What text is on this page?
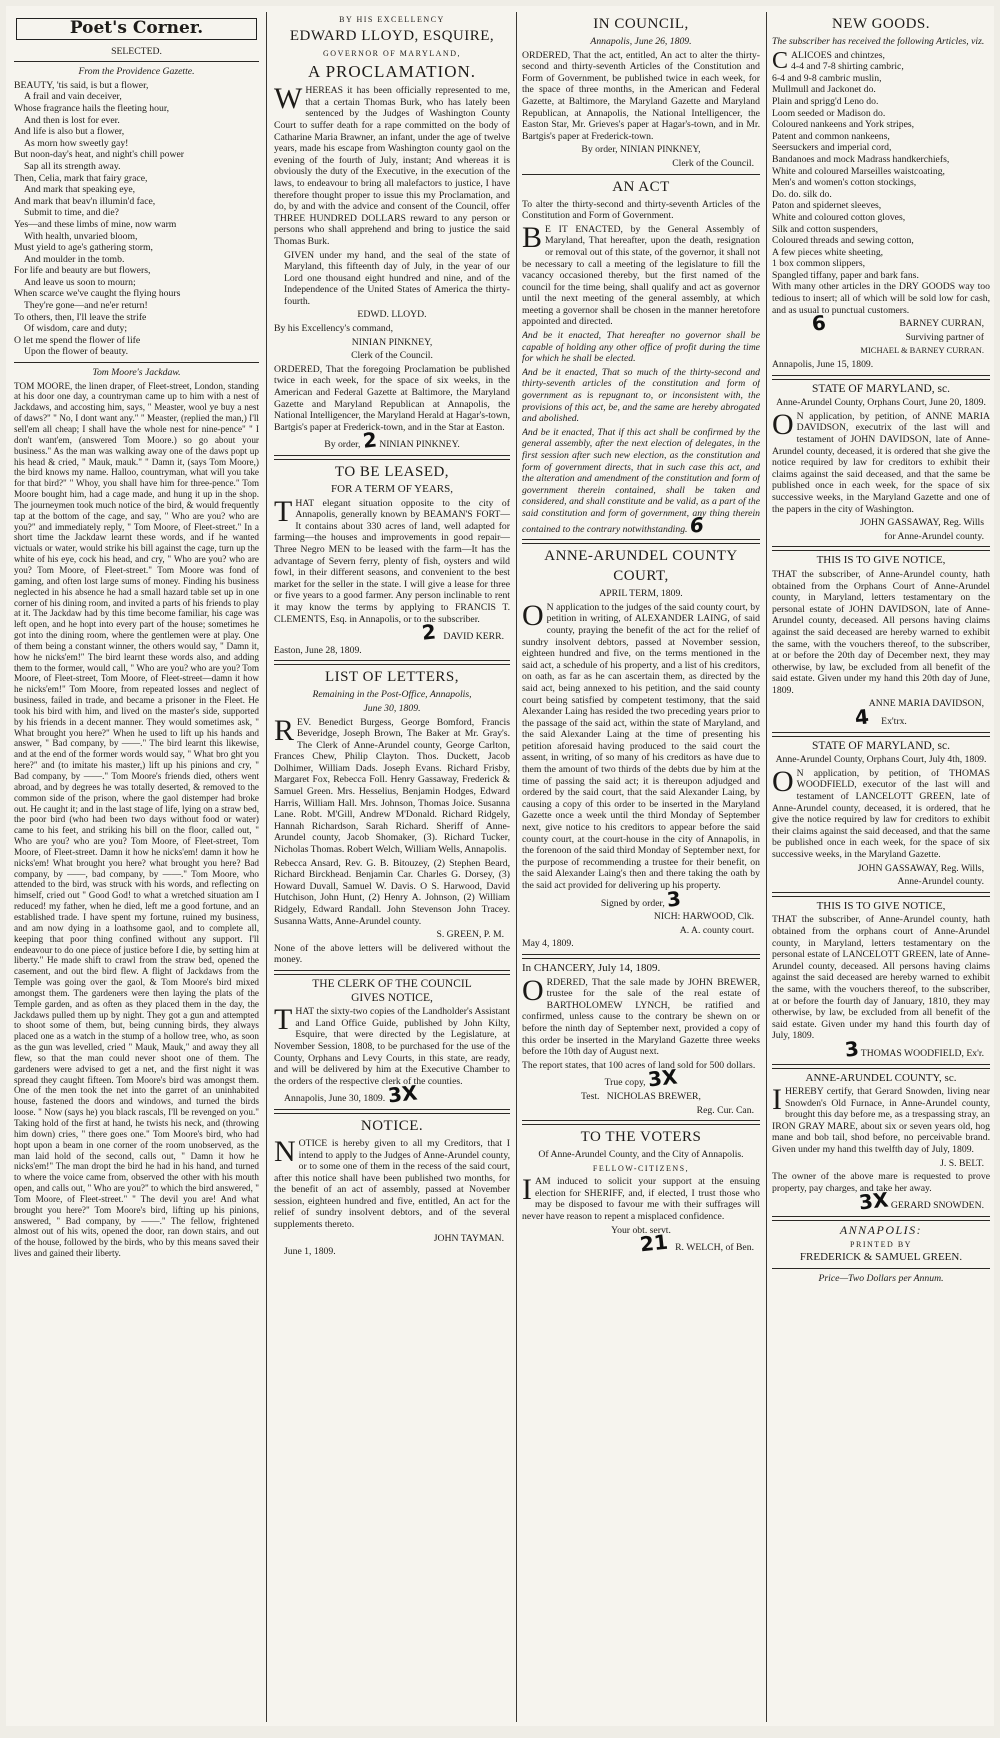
Poet's Corner.

SELECTED.

From the Providence Gazette.

BEAUTY, 'tis said, is but a flower,

A frail and vain deceiver,

Whose fragrance hails the fleeting hour,

And then is lost for ever.

And life is also but a flower,

As morn how sweetly gay!

But noon-day's heat, and night's chill power

Sap all its strength away.

Then, Celia, mark that fairy grace,

And mark that speaking eye,

And mark that beav'n illumin'd face,

Submit to time, and die?

Yes—and these limbs of mine, now warm

With health, unvaried bloom,

Must yield to age's gathering storm,

And moulder in the tomb.

For life and beauty are but flowers,

And leave us soon to mourn;

When scarce we've caught the flying hours

They're gone—and ne'er return!

To others, then, I'll leave the strife

Of wisdom, care and duty;

O let me spend the flower of life

Upon the flower of beauty.

Tom Moore's Jackdaw.

TOM MOORE, the linen draper, of Fleet-street, London, standing at his door one day, a countryman came up to him with a nest of Jackdaws, and accosting him, says, " Measter, wool ye buy a nest of daws?" " No, I dont want any." " Measter, (replied the man,) I'll sell'em all cheap; I shall have the whole nest for nine-pence" " I don't want'em, (answered Tom Moore.) so go about your business." As the man was walking away one of the daws popt up his head & cried, " Mauk, mauk." " Damn it, (says Tom Moore,) the bird knows my name. Halloo, countryman, what will you take for that bird?" " Whoy, you shall have him for three-pence." Tom Moore bought him, had a cage made, and hung it up in the shop. The journeymen took much notice of the bird, & would frequently tap at the bottom of the cage, and say, " Who are you? who are you?" and immediately reply, " Tom Moore, of Fleet-street." In a short time the Jackdaw learnt these words, and if he wanted victuals or water, would strike his bill against the cage, turn up the white of his eye, cock his head, and cry, " Who are you? who are you? Tom Moore, of Fleet-street." Tom Moore was fond of gaming, and often lost large sums of money. Finding his business neglected in his absence he had a small hazard table set up in one corner of his dining room, and invited a parts of his friends to play at it. The Jackdaw had by this time become familiar, his cage was left open, and he hopt into every part of the house; sometimes he got into the dining room, where the gentlemen were at play. One of them being a constant winner, the others would say, " Damn it, how he nicks'em!" The bird learnt these words also, and adding them to the former, would call, " Who are you? who are you? Tom Moore, of Fleet-street, Tom Moore, of Fleet-street—damn it how he nicks'em!" Tom Moore, from repeated losses and neglect of business, failed in trade, and became a prisoner in the Fleet. He took his bird with him, and lived on the master's side, supported by his friends in a decent manner. They would sometimes ask, " What brought you here?" When he used to lift up his hands and answer, " Bad company, by ——." The bird learnt this likewise, and at the end of the former words would say, " What bro ght you here?" and (to imitate his master,) lift up his pinions and cry, " Bad company, by ——." Tom Moore's friends died, others went abroad, and by degrees he was totally deserted, & removed to the common side of the prison, where the gaol distemper had broke out. He caught it; and in the last stage of life, lying on a straw bed, the poor bird (who had been two days without food or water) came to his feet, and striking his bill on the floor, called out, " Who are you? who are you? Tom Moore, of Fleet-street, Tom Moore, of Fleet-street. Damn it how he nicks'em! damn it how he nicks'em! What brought you here? what brought you here? Bad company, by ——, bad company, by ——." Tom Moore, who attended to the bird, was struck with his words, and reflecting on himself, cried out " Good God! to what a wretched situation am I reduced! my father, when he died, left me a good fortune, and an established trade. I have spent my fortune, ruined my business, and am now dying in a loathsome gaol, and to complete all, keeping that poor thing confined without any support. I'll endeavour to do one piece of justice before I die, by setting him at liberty." He made shift to crawl from the straw bed, opened the casement, and out the bird flew. A flight of Jackdaws from the Temple was going over the gaol, & Tom Moore's bird mixed amongst them. The gardeners were then laying the plats of the Temple garden, and as often as they placed them in the day, the Jackdaws pulled them up by night. They got a gun and attempted to shoot some of them, but, being cunning birds, they always placed one as a watch in the stump of a hollow tree, who, as soon as the gun was levelled, cried " Mauk, Mauk," and away they all flew, so that the man could never shoot one of them. The gardeners were advised to get a net, and the first night it was spread they caught fifteen. Tom Moore's bird was amongst them. One of the men took the net into the garret of an uninhabited house, fastened the doors and windows, and turned the birds loose. " Now (says he) you black rascals, I'll be revenged on you." Taking hold of the first at hand, he twists his neck, and (throwing him down) cries, " there goes one." Tom Moore's bird, who had hopt upon a beam in one corner of the room unobserved, as the man laid hold of the second, calls out, " Damn it how he nicks'em!" The man dropt the bird he had in his hand, and turned to where the voice came from, observed the other with his mouth open, and calls out, " Who are you?" to which the bird answered, " Tom Moore, of Fleet-street." " The devil you are! And what brought you here?" Tom Moore's bird, lifting up his pinions, answered, " Bad company, by ——." The fellow, frightened almost out of his wits, opened the door, ran down stairs, and out of the house, followed by the birds, who by this means saved their lives and gained their liberty.

BY HIS EXCELLENCY

EDWARD LLOYD, ESQUIRE,

GOVERNOR OF MARYLAND,

A PROCLAMATION.

WHEREAS it has been officially represented to me, that a certain Thomas Burk, who has lately been sentenced by the Judges of Washington County Court to suffer death for a rape committed on the body of Catharine Maria Brawner, an infant, under the age of twelve years, made his escape from Washington county gaol on the evening of the fourth of July, instant; And whereas it is obviously the duty of the Executive, in the execution of the laws, to endeavour to bring all malefactors to justice, I have therefore thought proper to issue this my Proclamation, and do, by and with the advice and consent of the Council, offer THREE HUNDRED DOLLARS reward to any person or persons who shall apprehend and bring to justice the said Thomas Burk.

GIVEN under my hand, and the seal of the state of Maryland, this fifteenth day of July, in the year of our Lord one thousand eight hundred and nine, and of the Independence of the United States of America the thirty-fourth.

EDWD. LLOYD.

By his Excellency's command,

NINIAN PINKNEY,

Clerk of the Council.

ORDERED, That the foregoing Proclamation be published twice in each week, for the space of six weeks, in the American and Federal Gazette at Baltimore, the Maryland Gazette and Maryland Republican at Annapolis, the National Intelligencer, the Maryland Herald at Hagar's-town, Bartgis's paper at Frederick-town, and in the Star at Easton.

By order, 2 NINIAN PINKNEY.

TO BE LEASED,

FOR A TERM OF YEARS,

THAT elegant situation opposite to the city of Annapolis, generally known by BEAMAN'S FORT—It contains about 330 acres of land, well adapted for farming—the houses and improvements in good repair—Three Negro MEN to be leased with the farm—It has the advantage of Severn ferry, plenty of fish, oysters and wild fowl, in their different seasons, and convenient to the best market for the seller in the state. I will give a lease for three or five years to a good farmer. Any person inclinable to rent it may know the terms by applying to FRANCIS T. CLEMENTS, Esq. in Annapolis, or to the subscriber.

2 DAVID KERR.

Easton, June 28, 1809.

LIST OF LETTERS,

Remaining in the Post-Office, Annapolis,

June 30, 1809.

REV. Benedict Burgess, George Bomford, Francis Beveridge, Joseph Brown, The Baker at Mr. Gray's. The Clerk of Anne-Arundel county, George Carlton, Frances Chew, Philip Clayton. Thos. Duckett, Jacob Dolhimer, William Dads. Joseph Evans. Richard Frisby, Margaret Fox, Rebecca Foll. Henry Gassaway, Frederick & Samuel Green. Mrs. Hesselius, Benjamin Hodges, Edward Harris, William Hall. Mrs. Johnson, Thomas Joice. Susanna Lane. Robt. M'Gill, Andrew M'Donald. Richard Ridgely, Hannah Richardson, Sarah Richard. Sheriff of Anne-Arundel county, Jacob Shomaker, (3). Richard Tucker, Nicholas Thomas. Robert Welch, William Wells, Annapolis.

Rebecca Ansard, Rev. G. B. Bitouzey, (2) Stephen Beard, Richard Birckhead. Benjamin Car. Charles G. Dorsey, (3) Howard Duvall, Samuel W. Davis. O S. Harwood, David Hutchison, John Hunt, (2) Henry A. Johnson, (2) William Ridgely, Edward Randall. John Stevenson John Tracey. Susanna Watts, Anne-Arundel county.

S. GREEN, P. M.

None of the above letters will be delivered without the money.

THE CLERK OF THE COUNCIL

GIVES NOTICE,

THAT the sixty-two copies of the Landholder's Assistant and Land Office Guide, published by John Kilty, Esquire, that were directed by the Legislature, at November Session, 1808, to be purchased for the use of the County, Orphans and Levy Courts, in this state, are ready, and will be delivered by him at the Executive Chamber to the orders of the respective clerk of the counties.

Annapolis, June 30, 1809. 3X

NOTICE.

NOTICE is hereby given to all my Creditors, that I intend to apply to the Judges of Anne-Arundel county, or to some one of them in the recess of the said court, after this notice shall have been published two months, for the benefit of an act of assembly, passed at November session, eighteen hundred and five, entitled, An act for the relief of sundry insolvent debtors, and of the several supplements thereto.

JOHN TAYMAN.

June 1, 1809.

IN COUNCIL,

Annapolis, June 26, 1809.

ORDERED, That the act, entitled, An act to alter the thirty-second and thirty-seventh Articles of the Constitution and Form of Government, be published twice in each week, for the space of three months, in the American and Federal Gazette, at Baltimore, the Maryland Gazette and Maryland Republican, at Annapolis, the National Intelligencer, the Easton Star, Mr. Grieves's paper at Hagar's-town, and in Mr. Bartgis's paper at Frederick-town.

By order, NINIAN PINKNEY,

Clerk of the Council.

AN ACT

To alter the thirty-second and thirty-seventh Articles of the Constitution and Form of Government.

B E IT ENACTED, by the General Assembly of Maryland, That hereafter, upon the death, resignation or removal out of this state, of the governor, it shall not be necessary to call a meeting of the legislature to fill the vacancy occasioned thereby, but the first named of the council for the time being, shall qualify and act as governor until the next meeting of the general assembly, at which meeting a governor shall be chosen in the manner heretofore appointed and directed.

And be it enacted, That hereafter no governor shall be capable of holding any other office of profit during the time for which he shall be elected.

And be it enacted, That so much of the thirty-second and thirty-seventh articles of the constitution and form of government as is repugnant to, or inconsistent with, the provisions of this act, be, and the same are hereby abrogated and abolished.

And be it enacted, That if this act shall be confirmed by the general assembly, after the next election of delegates, in the first session after such new election, as the constitution and form of government directs, that in such case this act, and the alteration and amendment of the constitution and form of government therein contained, shall be taken and considered, and shall constitute and be valid, as a part of the said constitution and form of government, any thing therein contained to the contrary notwithstanding. 6

ANNE-ARUNDEL COUNTY

COURT,

APRIL TERM, 1809.

O N application to the judges of the said county court, by petition in writing, of ALEXANDER LAING, of said county, praying the benefit of the act for the relief of sundry insolvent debtors, passed at November session, eighteen hundred and five, on the terms mentioned in the said act, a schedule of his property, and a list of his creditors, on oath, as far as he can ascertain them, as directed by the said act, being annexed to his petition, and the said county court being satisfied by competent testimony, that the said Alexander Laing has resided the two preceding years prior to the passage of the said act, within the state of Maryland, and the said Alexander Laing at the time of presenting his petition aforesaid having produced to the said court the assent, in writing, of so many of his creditors as have due to them the amount of two thirds of the debts due by him at the time of passing the said act; it is thereupon adjudged and ordered by the said court, that the said Alexander Laing, by causing a copy of this order to be inserted in the Maryland Gazette once a week until the third Monday of September next, give notice to his creditors to appear before the said county court, at the court-house in the city of Annapolis, in the forenoon of the said third Monday of September next, for the purpose of recommending a trustee for their benefit, on the said Alexander Laing's then and there taking the oath by the said act provided for delivering up his property.

Signed by order, 3

NICH: HARWOOD, Clk.

A. A. county court.

May 4, 1809.

In CHANCERY, July 14, 1809.

ORDERED, That the sale made by JOHN BREWER, trustee for the sale of the real estate of BARTHOLOMEW LYNCH, be ratified and confirmed, unless cause to the contrary be shewn on or before the ninth day of September next, provided a copy of this order be inserted in the Maryland Gazette three weeks before the 10th day of August next.

The report states, that 100 acres of land sold for 500 dollars.

True copy, 3X

Test. NICHOLAS BREWER,

Reg. Cur. Can.

TO THE VOTERS

Of Anne-Arundel County, and the City of Annapolis.

FELLOW-CITIZENS,

IAM induced to solicit your support at the ensuing election for SHERIFF, and, if elected, I trust those who may be disposed to favour me with their suffrages will never have reason to repent a misplaced confidence.

Your obt. servt.

21 R. WELCH, of Ben.

NEW GOODS.

The subscriber has received the following Articles, viz.

CALICOES and chintzes,

4-4 and 7-8 shirting cambric,

6-4 and 9-8 cambric muslin,

Mullmull and Jackonet do.

Plain and sprigg'd Leno do.

Loom seeded or Madison do.

Coloured nankeens and York stripes,

Patent and common nankeens,

Seersuckers and imperial cord,

Bandanoes and mock Madrass handkerchiefs,

White and coloured Marseilles waistcoating,

Men's and women's cotton stockings,

Do. do. silk do.

Paton and spidernet sleeves,

White and coloured cotton gloves,

Silk and cotton suspenders,

Coloured threads and sewing cotton,

A few pieces white sheeting,

1 box common slippers,

Spangled tiffany, paper and bark fans.

With many other articles in the DRY GOODS way too tedious to insert; all of which will be sold low for cash, and as usual to punctual customers.

6	BARNEY CURRAN,

Surviving partner of

MICHAEL & BARNEY CURRAN.

Annapolis, June 15, 1809.

STATE OF MARYLAND, sc.

Anne-Arundel County, Orphans Court, June 20, 1809.

O N application, by petition, of ANNE MARIA DAVIDSON, executrix of the last will and testament of JOHN DAVIDSON, late of Anne-Arundel county, deceased, it is ordered that she give the notice required by law for creditors to exhibit their claims against the said deceased, and that the same be published once in each week, for the space of six successive weeks, in the Maryland Gazette and one of the papers in the city of Washington.

JOHN GASSAWAY, Reg. Wills

for Anne-Arundel county.

THIS IS TO GIVE NOTICE,

THAT the subscriber, of Anne-Arundel county, hath obtained from the Orphans Court of Anne-Arundel county, in Maryland, letters testamentary on the personal estate of JOHN DAVIDSON, late of Anne-Arundel county, deceased. All persons having claims against the said deceased are hereby warned to exhibit the same, with the vouchers thereof, to the subscriber, at or before the 20th day of December next, they may otherwise, by law, be excluded from all benefit of the said estate. Given under my hand this 20th day of June, 1809.

ANNE MARIA DAVIDSON,

4 Ex'trx.

STATE OF MARYLAND, sc.

Anne-Arundel County, Orphans Court, July 4th, 1809.

O N application, by petition, of THOMAS WOODFIELD, executor of the last will and testament of LANCELOTT GREEN, late of Anne-Arundel county, deceased, it is ordered, that he give the notice required by law for creditors to exhibit their claims against the said deceased, and that the same be published once in each week, for the space of six successive weeks, in the Maryland Gazette.

JOHN GASSAWAY, Reg. Wills,

Anne-Arundel county.

THIS IS TO GIVE NOTICE,

THAT the subscriber, of Anne-Arundel county, hath obtained from the orphans court of Anne-Arundel county, in Maryland, letters testamentary on the personal estate of LANCELOTT GREEN, late of Anne-Arundel county, deceased. All persons having claims against the said deceased are hereby warned to exhibit the same, with the vouchers thereof, to the subscriber, at or before the fourth day of January, 1810, they may otherwise, by law, be excluded from all benefit of the said estate. Given under my hand this fourth day of July, 1809.

3 THOMAS WOODFIELD, Ex'r.

ANNE-ARUNDEL COUNTY, sc.

IHEREBY certify, that Gerard Snowden, living near Snowden's Old Furnace, in Anne-Arundel county, brought this day before me, as a trespassing stray, an IRON GRAY MARE, about six or seven years old, hog mane and bob tail, shod before, no perceivable brand. Given under my hand this twelfth day of July, 1809.

J. S. BELT.

The owner of the above mare is requested to prove property, pay charges, and take her away.

3X GERARD SNOWDEN.

ANNAPOLIS:

PRINTED BY

FREDERICK & SAMUEL GREEN.

Price—Two Dollars per Annum.
